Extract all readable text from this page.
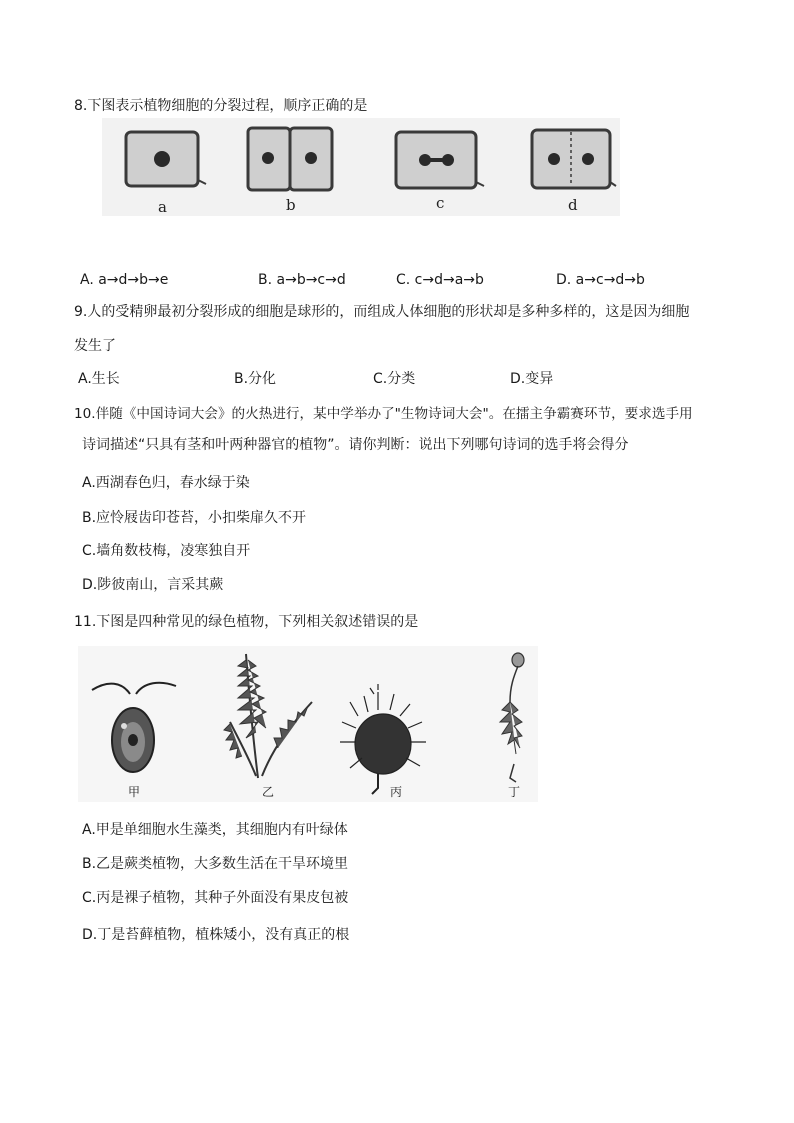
8.下图表示植物细胞的分裂过程，顺序正确的是
a	b	c	d
A. a→d→b→e	B. a→b→c→d	C. c→d→a→b	D. a→c→d→b
9.人的受精卵最初分裂形成的细胞是球形的，而组成人体细胞的形状却是多种多样的，这是因为细胞
发生了
A.生长	B.分化	C.分类	D.变异
10.伴随《中国诗词大会》的火热进行，某中学举办了"生物诗词大会"。在擂主争霸赛环节，要求选手用
诗词描述“只具有茎和叶两种器官的植物”。请你判断：说出下列哪句诗词的选手将会得分
A.西湖春色归，春水绿于染
B.应怜屐齿印苍苔，小扣柴扉久不开
C.墙角数枝梅，凌寒独自开
D.陟彼南山，言采其蕨
11.下图是四种常见的绿色植物，下列相关叙述错误的是
甲	乙	丙	丁
A.甲是单细胞水生藻类，其细胞内有叶绿体
B.乙是蕨类植物，大多数生活在干旱环境里
C.丙是裸子植物，其种子外面没有果皮包被
D.丁是苔藓植物，植株矮小，没有真正的根
